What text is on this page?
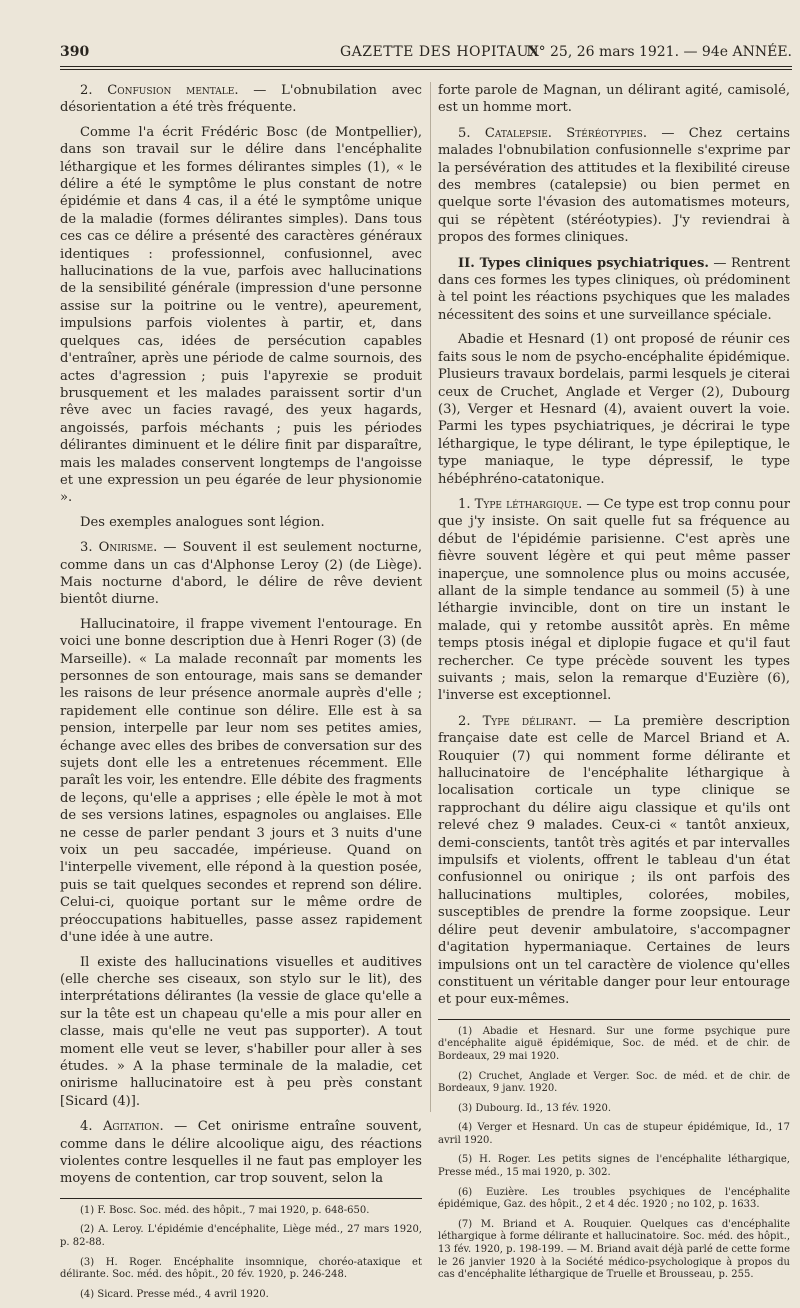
390	GAZETTE DES HOPITAUX
N° 25, 26 mars 1921. — 94e ANNÉE.

2. Confusion mentale. — L'obnubilation avec désorientation a été très fréquente.

Comme l'a écrit Frédéric Bosc (de Montpellier), dans son travail sur le délire dans l'encéphalite léthargique et les formes délirantes simples (1), « le délire a été le symptôme le plus constant de notre épidémie et dans 4 cas, il a été le symptôme unique de la maladie (formes délirantes simples). Dans tous ces cas ce délire a présenté des caractères généraux identiques : professionnel, confusionnel, avec hallucinations de la vue, parfois avec hallucinations de la sensibilité générale (impression d'une personne assise sur la poitrine ou le ventre), apeurement, impulsions parfois violentes à partir, et, dans quelques cas, idées de persécution capables d'entraîner, après une période de calme sournois, des actes d'agression ; puis l'apyrexie se produit brusquement et les malades paraissent sortir d'un rêve avec un facies ravagé, des yeux hagards, angoissés, parfois méchants ; puis les périodes délirantes diminuent et le délire finit par disparaître, mais les malades conservent longtemps de l'angoisse et une expression un peu égarée de leur physionomie ».

Des exemples analogues sont légion.

3. Onirisme. — Souvent il est seulement nocturne, comme dans un cas d'Alphonse Leroy (2) (de Liège). Mais nocturne d'abord, le délire de rêve devient bientôt diurne.

Hallucinatoire, il frappe vivement l'entourage. En voici une bonne description due à Henri Roger (3) (de Marseille). « La malade reconnaît par moments les personnes de son entourage, mais sans se demander les raisons de leur présence anormale auprès d'elle ; rapidement elle continue son délire. Elle est à sa pension, interpelle par leur nom ses petites amies, échange avec elles des bribes de conversation sur des sujets dont elle les a entretenues récemment. Elle paraît les voir, les entendre. Elle débite des fragments de leçons, qu'elle a apprises ; elle épèle le mot à mot de ses versions latines, espagnoles ou anglaises. Elle ne cesse de parler pendant 3 jours et 3 nuits d'une voix un peu saccadée, impérieuse. Quand on l'interpelle vivement, elle répond à la question posée, puis se tait quelques secondes et reprend son délire. Celui-ci, quoique portant sur le même ordre de préoccupations habituelles, passe assez rapidement d'une idée à une autre.

Il existe des hallucinations visuelles et auditives (elle cherche ses ciseaux, son stylo sur le lit), des interprétations délirantes (la vessie de glace qu'elle a sur la tête est un chapeau qu'elle a mis pour aller en classe, mais qu'elle ne veut pas supporter). A tout moment elle veut se lever, s'habiller pour aller à ses études. » A la phase terminale de la maladie, cet onirisme hallucinatoire est à peu près constant [Sicard (4)].

4. Agitation. — Cet onirisme entraîne souvent, comme dans le délire alcoolique aigu, des réactions violentes contre lesquelles il ne faut pas employer les moyens de contention, car trop souvent, selon la

(1) F. Bosc. Soc. méd. des hôpit., 7 mai 1920, p. 648-650.

(2) A. Leroy. L'épidémie d'encéphalite, Liège méd., 27 mars 1920, p. 82-88.

(3) H. Roger. Encéphalite insomnique, choréo-ataxique et délirante. Soc. méd. des hôpit., 20 fév. 1920, p. 246-248.

(4) Sicard. Presse méd., 4 avril 1920.

forte parole de Magnan, un délirant agité, camisolé, est un homme mort.

5. Catalepsie. Stéréotypies. — Chez certains malades l'obnubilation confusionnelle s'exprime par la persévération des attitudes et la flexibilité cireuse des membres (catalepsie) ou bien permet en quelque sorte l'évasion des automatismes moteurs, qui se répètent (stéréotypies). J'y reviendrai à propos des formes cliniques.

II. Types cliniques psychiatriques. — Rentrent dans ces formes les types cliniques, où prédominent à tel point les réactions psychiques que les malades nécessitent des soins et une surveillance spéciale.

Abadie et Hesnard (1) ont proposé de réunir ces faits sous le nom de psycho-encéphalite épidémique. Plusieurs travaux bordelais, parmi lesquels je citerai ceux de Cruchet, Anglade et Verger (2), Dubourg (3), Verger et Hesnard (4), avaient ouvert la voie. Parmi les types psychiatriques, je décrirai le type léthargique, le type délirant, le type épileptique, le type maniaque, le type dépressif, le type hébéphréno-catatonique.

1. Type léthargique. — Ce type est trop connu pour que j'y insiste. On sait quelle fut sa fréquence au début de l'épidémie parisienne. C'est après une fièvre souvent légère et qui peut même passer inaperçue, une somnolence plus ou moins accusée, allant de la simple tendance au sommeil (5) à une léthargie invincible, dont on tire un instant le malade, qui y retombe aussitôt après. En même temps ptosis inégal et diplopie fugace et qu'il faut rechercher. Ce type précède souvent les types suivants ; mais, selon la remarque d'Euzière (6), l'inverse est exceptionnel.

2. Type délirant. — La première description française date est celle de Marcel Briand et A. Rouquier (7) qui nomment forme délirante et hallucinatoire de l'encéphalite léthargique à localisation corticale un type clinique se rapprochant du délire aigu classique et qu'ils ont relevé chez 9 malades. Ceux-ci « tantôt anxieux, demi-conscients, tantôt très agités et par intervalles impulsifs et violents, offrent le tableau d'un état confusionnel ou onirique ; ils ont parfois des hallucinations multiples, colorées, mobiles, susceptibles de prendre la forme zoopsique. Leur délire peut devenir ambulatoire, s'accompagner d'agitation hypermaniaque. Certaines de leurs impulsions ont un tel caractère de violence qu'elles constituent un véritable danger pour leur entourage et pour eux-mêmes.

(1) Abadie et Hesnard. Sur une forme psychique pure d'encéphalite aiguë épidémique, Soc. de méd. et de chir. de Bordeaux, 29 mai 1920.

(2) Cruchet, Anglade et Verger. Soc. de méd. et de chir. de Bordeaux, 9 janv. 1920.

(3) Dubourg. Id., 13 fév. 1920.

(4) Verger et Hesnard. Un cas de stupeur épidémique, Id., 17 avril 1920.

(5) H. Roger. Les petits signes de l'encéphalite léthargique, Presse méd., 15 mai 1920, p. 302.

(6) Euzière. Les troubles psychiques de l'encéphalite épidémique, Gaz. des hôpit., 2 et 4 déc. 1920 ; no 102, p. 1633.

(7) M. Briand et A. Rouquier. Quelques cas d'encéphalite léthargique à forme délirante et hallucinatoire. Soc. méd. des hôpit., 13 fév. 1920, p. 198-199. — M. Briand avait déjà parlé de cette forme le 26 janvier 1920 à la Société médico-psychologique à propos du cas d'encéphalite léthargique de Truelle et Brousseau, p. 255.
